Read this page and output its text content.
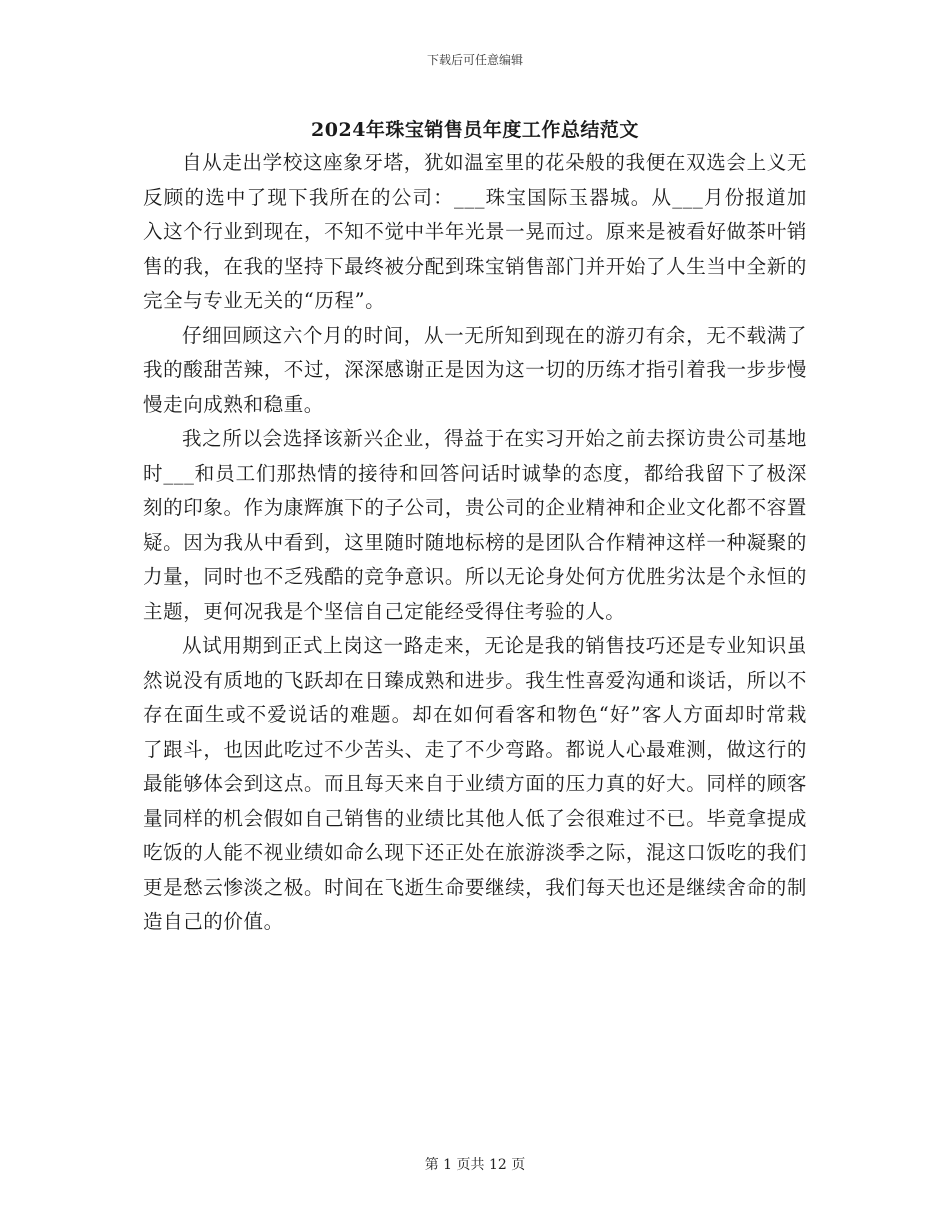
下载后可任意编辑
2024年珠宝销售员年度工作总结范文

自从走出学校这座象牙塔，犹如温室里的花朵般的我便在双选会上义无反顾的选中了现下我所在的公司：___珠宝国际玉器城。从___月份报道加入这个行业到现在，不知不觉中半年光景一晃而过。原来是被看好做茶叶销售的我，在我的坚持下最终被分配到珠宝销售部门并开始了人生当中全新的完全与专业无关的“历程”。

仔细回顾这六个月的时间，从一无所知到现在的游刃有余，无不载满了我的酸甜苦辣，不过，深深感谢正是因为这一切的历练才指引着我一步步慢慢走向成熟和稳重。

我之所以会选择该新兴企业，得益于在实习开始之前去探访贵公司基地时___和员工们那热情的接待和回答问话时诚挚的态度，都给我留下了极深刻的印象。作为康辉旗下的子公司，贵公司的企业精神和企业文化都不容置疑。因为我从中看到，这里随时随地标榜的是团队合作精神这样一种凝聚的力量，同时也不乏残酷的竞争意识。所以无论身处何方优胜劣汰是个永恒的主题，更何况我是个坚信自己定能经受得住考验的人。

从试用期到正式上岗这一路走来，无论是我的销售技巧还是专业知识虽然说没有质地的飞跃却在日臻成熟和进步。我生性喜爱沟通和谈话，所以不存在面生或不爱说话的难题。却在如何看客和物色“好”客人方面却时常栽了跟斗，也因此吃过不少苦头、走了不少弯路。都说人心最难测，做这行的最能够体会到这点。而且每天来自于业绩方面的压力真的好大。同样的顾客量同样的机会假如自己销售的业绩比其他人低了会很难过不已。毕竟拿提成吃饭的人能不视业绩如命么现下还正处在旅游淡季之际，混这口饭吃的我们更是愁云惨淡之极。时间在飞逝生命要继续，我们每天也还是继续舍命的制造自己的价值。

第 1 页共 12 页
